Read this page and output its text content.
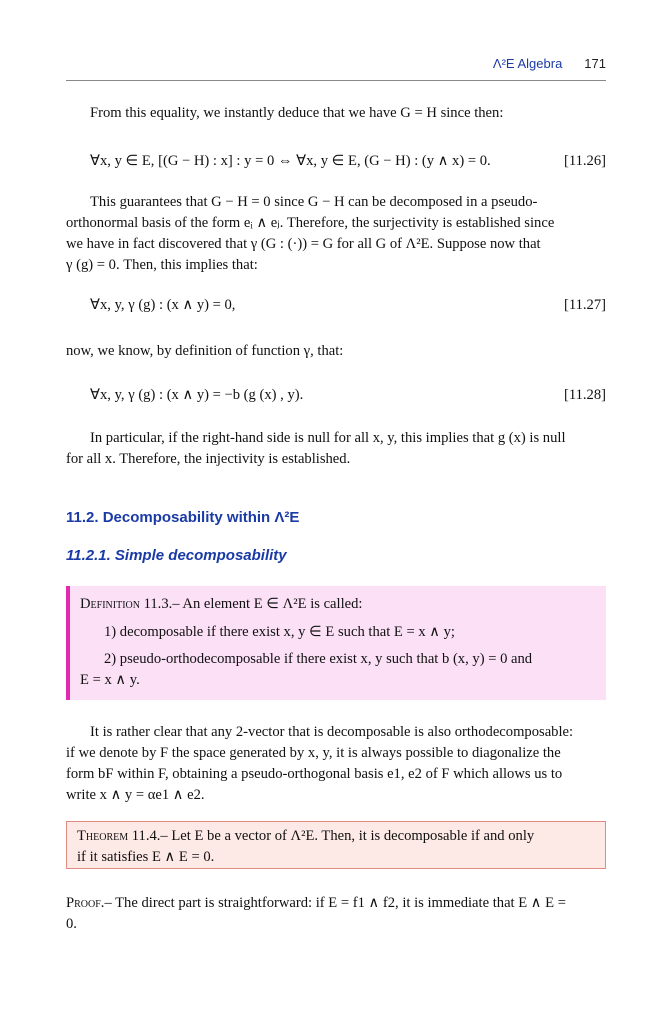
Λ²E Algebra 171
From this equality, we instantly deduce that we have G = H since then:
∀x, y ∈ E, [(G − H) : x] : y = 0 ⇔ ∀x, y ∈ E, (G − H) : (y ∧ x) = 0.	[11.26]
This guarantees that G − H = 0 since G − H can be decomposed in a pseudo-
orthonormal basis of the form eᵢ ∧ eⱼ. Therefore, the surjectivity is established since
we have in fact discovered that γ (G : (·)) = G for all G of Λ²E. Suppose now that
γ (g) = 0. Then, this implies that:
∀x, y, γ (g) : (x ∧ y) = 0,	[11.27]
now, we know, by definition of function γ, that:
∀x, y, γ (g) : (x ∧ y) = −b (g (x) , y).	[11.28]
In particular, if the right-hand side is null for all x, y, this implies that g (x) is null
for all x. Therefore, the injectivity is established.
11.2. Decomposability within Λ²E
11.2.1. Simple decomposability
Definition 11.3.– An element E ∈ Λ²E is called:
1) decomposable if there exist x, y ∈ E such that E = x ∧ y;
2) pseudo-orthodecomposable if there exist x, y such that b (x, y) = 0 and
E = x ∧ y.
It is rather clear that any 2-vector that is decomposable is also orthodecomposable:
if we denote by F the space generated by x, y, it is always possible to diagonalize the
form bF within F, obtaining a pseudo-orthogonal basis e1, e2 of F which allows us to
write x ∧ y = αe1 ∧ e2.
Theorem 11.4.– Let E be a vector of Λ²E. Then, it is decomposable if and only
if it satisfies E ∧ E = 0.
Proof.– The direct part is straightforward: if E = f1 ∧ f2, it is immediate that E ∧ E =
0.
